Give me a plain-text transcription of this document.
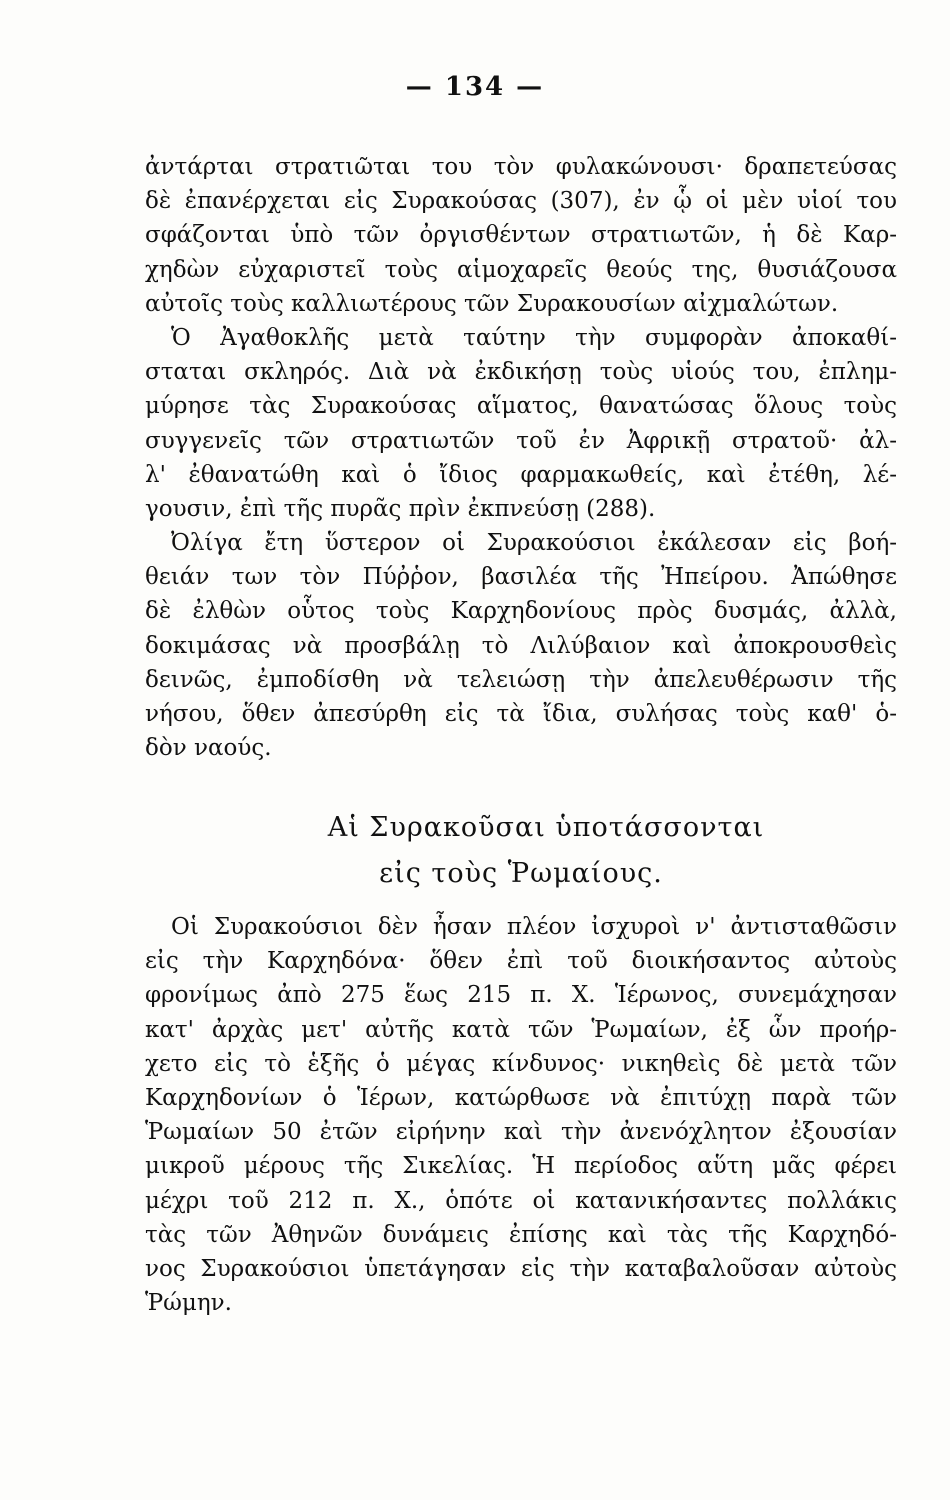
— 134 —
ἀντάρται στρατιῶται του τὸν φυλακώνουσι· δραπετεύσας
δὲ ἐπανέρχεται εἰς Συρακούσας (307), ἐν ᾧ οἱ μὲν υἱοί του
σφάζονται ὑπὸ τῶν ὀργισθέντων στρατιωτῶν, ἡ δὲ Καρ-
χηδὼν εὐχαριστεῖ τοὺς αἱμοχαρεῖς θεούς της, θυσιάζουσα
αὐτοῖς τοὺς καλλιωτέρους τῶν Συρακουσίων αἰχμαλώτων.
Ὁ Ἀγαθοκλῆς μετὰ ταύτην τὴν συμφορὰν ἀποκαθί-
σταται σκληρός. Διὰ νὰ ἐκδικήσῃ τοὺς υἱούς του, ἐπλημ-
μύρησε τὰς Συρακούσας αἵματος, θανατώσας ὅλους τοὺς
συγγενεῖς τῶν στρατιωτῶν τοῦ ἐν Ἀφρικῇ στρατοῦ· ἀλ-
λ' ἐθανατώθη καὶ ὁ ἴδιος φαρμακωθείς, καὶ ἐτέθη, λέ-
γουσιν, ἐπὶ τῆς πυρᾶς πρὶν ἐκπνεύσῃ (288).
Ὀλίγα ἔτη ὕστερον οἱ Συρακούσιοι ἐκάλεσαν εἰς βοή-
θειάν των τὸν Πύῤῥον, βασιλέα τῆς Ἠπείρου. Ἀπώθησε
δὲ ἐλθὼν οὗτος τοὺς Καρχηδονίους πρὸς δυσμάς, ἀλλὰ,
δοκιμάσας νὰ προσβάλῃ τὸ Λιλύβαιον καὶ ἀποκρουσθεὶς
δεινῶς, ἐμποδίσθη νὰ τελειώσῃ τὴν ἀπελευθέρωσιν τῆς
νήσου, ὅθεν ἀπεσύρθη εἰς τὰ ἴδια, συλήσας τοὺς καθ' ὁ-
δὸν ναούς.
Αἱ Συρακοῦσαι ὑποτάσσονται
εἰς τοὺς Ῥωμαίους.
Οἱ Συρακούσιοι δὲν ἦσαν πλέον ἰσχυροὶ ν' ἀντισταθῶσιν
εἰς τὴν Καρχηδόνα· ὅθεν ἐπὶ τοῦ διοικήσαντος αὐτοὺς
φρονίμως ἀπὸ 275 ἕως 215 π. Χ. Ἱέρωνος, συνεμάχησαν
κατ' ἀρχὰς μετ' αὐτῆς κατὰ τῶν Ῥωμαίων, ἐξ ὧν προήρ-
χετο εἰς τὸ ἑξῆς ὁ μέγας κίνδυνος· νικηθεὶς δὲ μετὰ τῶν
Καρχηδονίων ὁ Ἱέρων, κατώρθωσε νὰ ἐπιτύχῃ παρὰ τῶν
Ῥωμαίων 50 ἐτῶν εἰρήνην καὶ τὴν ἀνενόχλητον ἐξουσίαν
μικροῦ μέρους τῆς Σικελίας. Ἡ περίοδος αὕτη μᾶς φέρει
μέχρι τοῦ 212 π. Χ., ὁπότε οἱ κατανικήσαντες πολλάκις
τὰς τῶν Ἀθηνῶν δυνάμεις ἐπίσης καὶ τὰς τῆς Καρχηδό-
νος Συρακούσιοι ὑπετάγησαν εἰς τὴν καταβαλοῦσαν αὐτοὺς
Ῥώμην.
